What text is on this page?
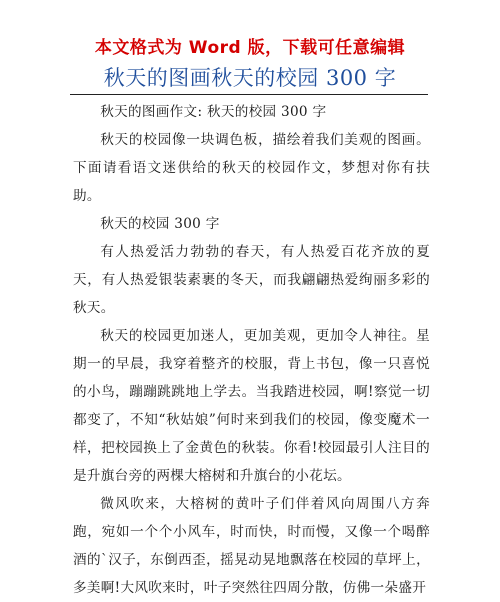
本文格式为 Word 版，下载可任意编辑
秋天的图画秋天的校园 300 字

秋天的图画作文: 秋天的校园 300 字

秋天的校园像一块调色板，描绘着我们美观的图画。下面请看语文迷供给的秋天的校园作文，梦想对你有扶助。

秋天的校园 300 字

有人热爱活力勃勃的春天，有人热爱百花齐放的夏天，有人热爱银装素裹的冬天，而我翩翩热爱绚丽多彩的秋天。

秋天的校园更加迷人，更加美观，更加令人神往。星期一的早晨，我穿着整齐的校服，背上书包，像一只喜悦的小鸟，蹦蹦跳跳地上学去。当我踏进校园，啊!察觉一切都变了，不知“秋姑娘”何时来到我们的校园，像变魔术一样，把校园换上了金黄色的秋装。你看!校园最引人注目的是升旗台旁的两棵大榕树和升旗台的小花坛。

微风吹来，大榕树的黄叶子们伴着风向周围八方奔跑，宛如一个个小风车，时而快，时而慢，又像一个喝醉酒的`汉子，东倒西歪，摇晃动晃地飘落在校园的草坪上，多美啊!大风吹来时，叶子突然往四周分散，仿佛一朵盛开
